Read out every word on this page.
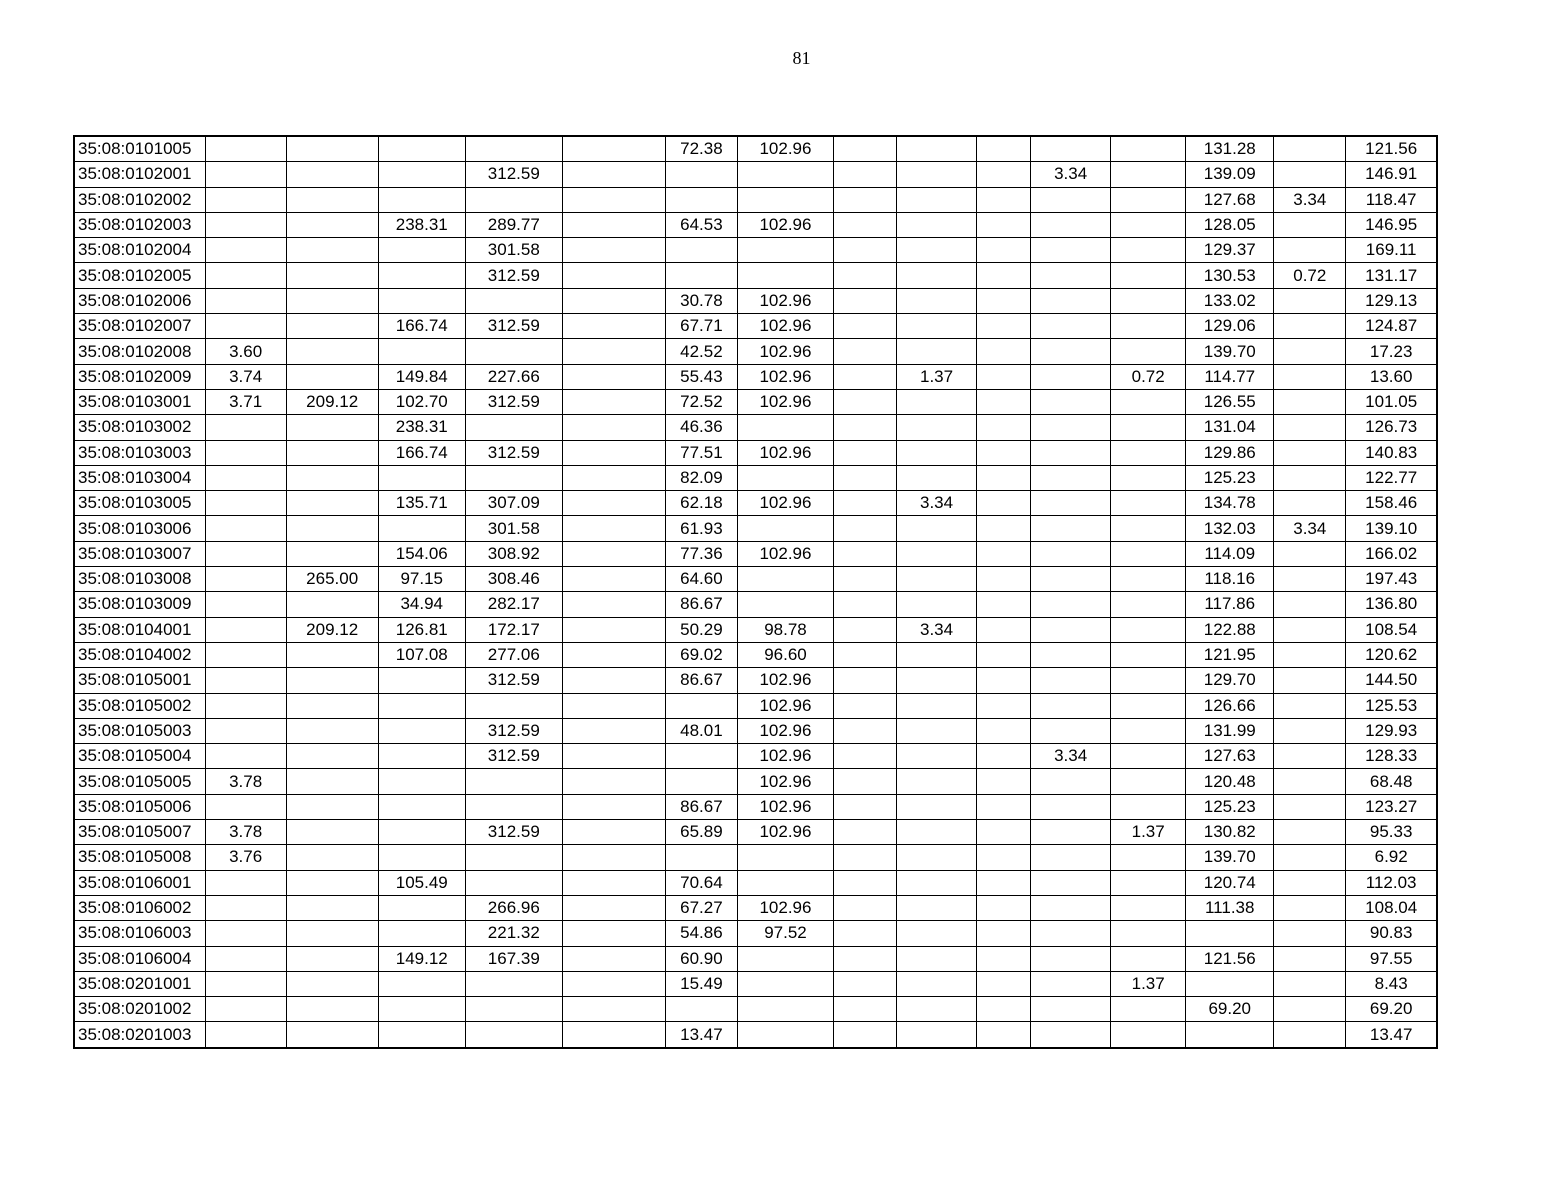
81
35:08:0101005						72.38	102.96						131.28		121.56
35:08:0102001				312.59							3.34		139.09		146.91
35:08:0102002													127.68	3.34	118.47
35:08:0102003			238.31	289.77		64.53	102.96						128.05		146.95
35:08:0102004				301.58									129.37		169.11
35:08:0102005				312.59									130.53	0.72	131.17
35:08:0102006						30.78	102.96						133.02		129.13
35:08:0102007			166.74	312.59		67.71	102.96						129.06		124.87
35:08:0102008	3.60					42.52	102.96						139.70		17.23
35:08:0102009	3.74		149.84	227.66		55.43	102.96		1.37			0.72	114.77		13.60
35:08:0103001	3.71	209.12	102.70	312.59		72.52	102.96						126.55		101.05
35:08:0103002			238.31			46.36							131.04		126.73
35:08:0103003			166.74	312.59		77.51	102.96						129.86		140.83
35:08:0103004						82.09							125.23		122.77
35:08:0103005			135.71	307.09		62.18	102.96		3.34				134.78		158.46
35:08:0103006				301.58		61.93							132.03	3.34	139.10
35:08:0103007			154.06	308.92		77.36	102.96						114.09		166.02
35:08:0103008		265.00	97.15	308.46		64.60							118.16		197.43
35:08:0103009			34.94	282.17		86.67							117.86		136.80
35:08:0104001		209.12	126.81	172.17		50.29	98.78		3.34				122.88		108.54
35:08:0104002			107.08	277.06		69.02	96.60						121.95		120.62
35:08:0105001				312.59		86.67	102.96						129.70		144.50
35:08:0105002							102.96						126.66		125.53
35:08:0105003				312.59		48.01	102.96						131.99		129.93
35:08:0105004				312.59			102.96				3.34		127.63		128.33
35:08:0105005	3.78						102.96						120.48		68.48
35:08:0105006						86.67	102.96						125.23		123.27
35:08:0105007	3.78			312.59		65.89	102.96					1.37	130.82		95.33
35:08:0105008	3.76												139.70		6.92
35:08:0106001			105.49			70.64							120.74		112.03
35:08:0106002				266.96		67.27	102.96						111.38		108.04
35:08:0106003				221.32		54.86	97.52								90.83
35:08:0106004			149.12	167.39		60.90							121.56		97.55
35:08:0201001						15.49						1.37			8.43
35:08:0201002													69.20		69.20
35:08:0201003						13.47									13.47
